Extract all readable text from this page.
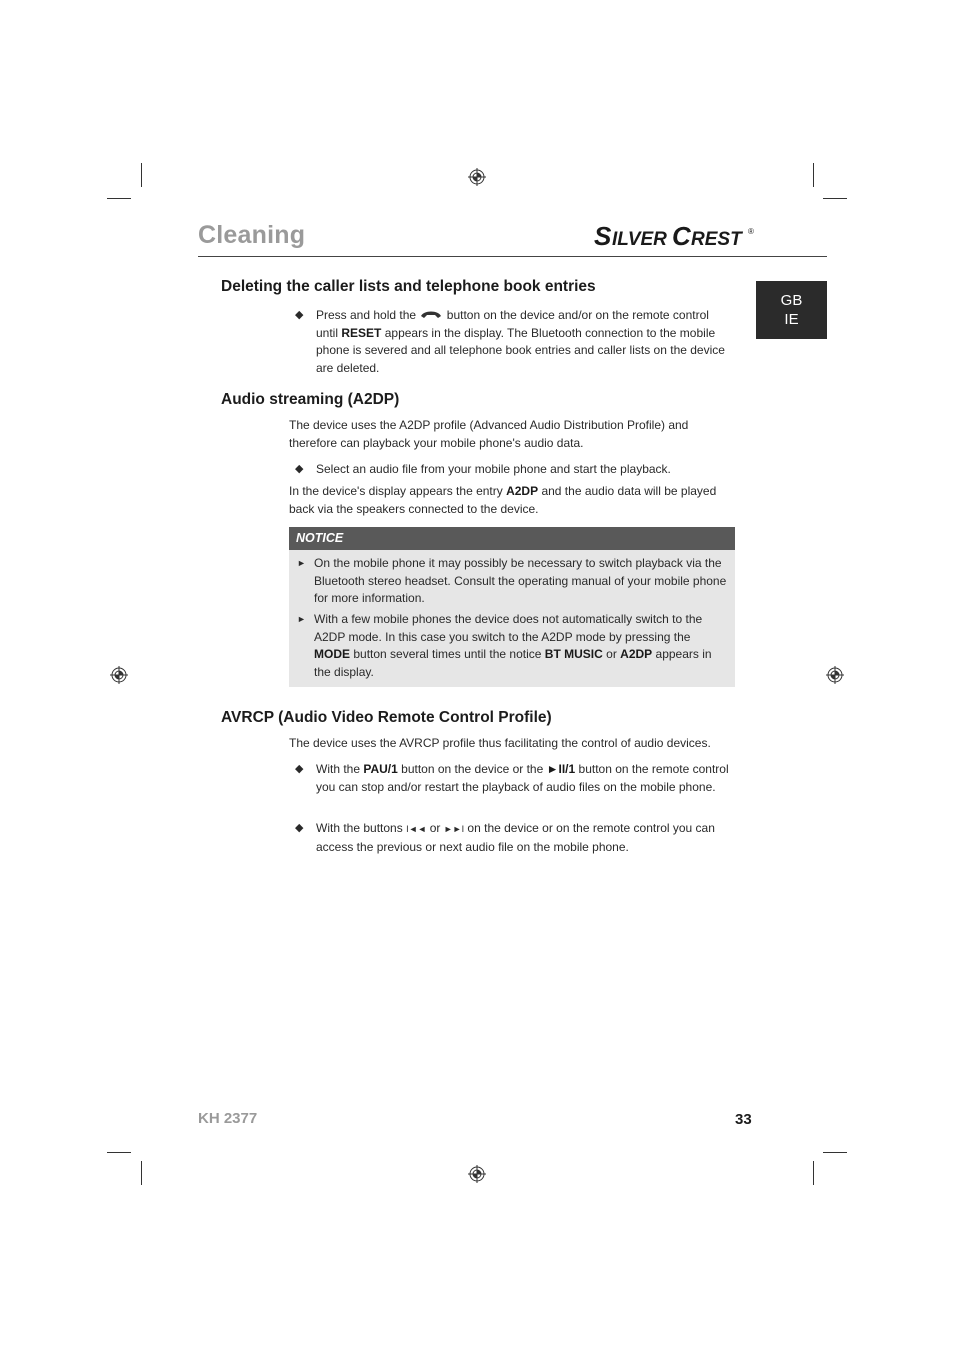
Cleaning	S ILVER C REST ®
GB
IE
Deleting the caller lists and telephone book entries
◆ Press and hold the	button on the device and/or on the remote control until RESET appears in the display. The Bluetooth connection to the mobile phone is severed and all telephone book entries and caller lists on the device are deleted.
Audio streaming (A2DP)
The device uses the A2DP profile (Advanced Audio Distribution Profile) and therefore can playback your mobile phone's audio data.
◆ Select an audio file from your mobile phone and start the playback.
In the device's display appears the entry A2DP and the audio data will be played back via the speakers connected to the device.
NOTICE
► On the mobile phone it may possibly be necessary to switch playback via the Bluetooth stereo headset. Consult the operating manual of your mobile phone for more information.
► With a few mobile phones the device does not automatically switch to the A2DP mode. In this case you switch to the A2DP mode by pressing the MODE button several times until the notice BT MUSIC or A2DP appears in the display.
AVRCP (Audio Video Remote Control Profile)
The device uses the AVRCP profile thus facilitating the control of audio devices.
◆ With the PAU/1 button on the device or the ►II/1 button on the remote control you can stop and/or restart the playback of audio files on the mobile phone.
◆ With the buttons I◄◄ or ►►I on the device or on the remote control you can access the previous or next audio file on the mobile phone.
KH 2377	33
